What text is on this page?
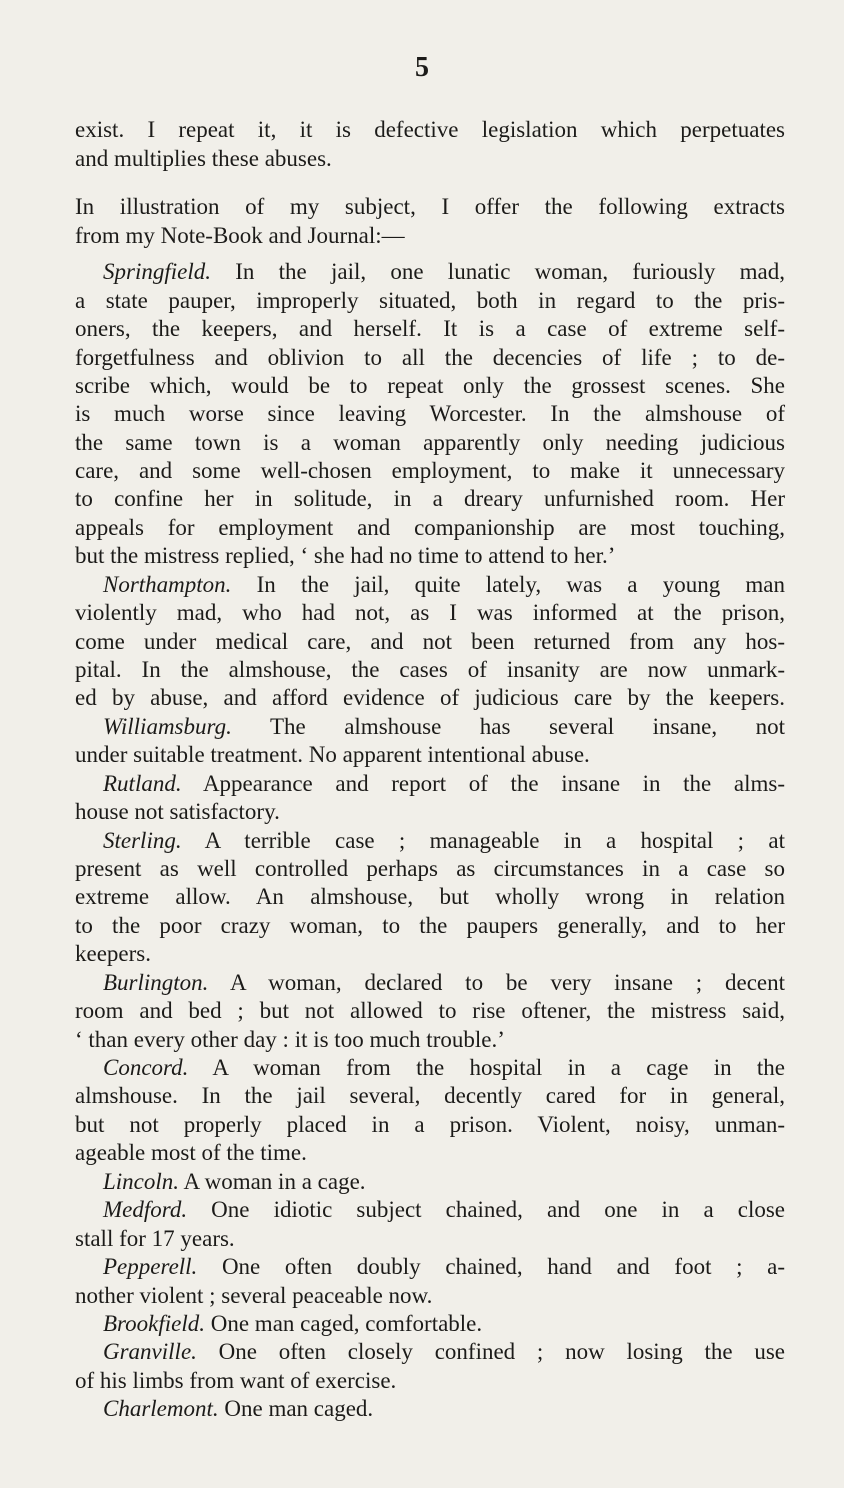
5
exist. I repeat it, it is defective legislation which perpetuates
and multiplies these abuses.
In illustration of my subject, I offer the following extracts
from my Note-Book and Journal:—
Springfield. In the jail, one lunatic woman, furiously mad,
a state pauper, improperly situated, both in regard to the pris-
oners, the keepers, and herself. It is a case of extreme self-
forgetfulness and oblivion to all the decencies of life ; to de-
scribe which, would be to repeat only the grossest scenes. She
is much worse since leaving Worcester. In the almshouse of
the same town is a woman apparently only needing judicious
care, and some well-chosen employment, to make it unnecessary
to confine her in solitude, in a dreary unfurnished room. Her
appeals for employment and companionship are most touching,
but the mistress replied, ‘ she had no time to attend to her.’
Northampton. In the jail, quite lately, was a young man
violently mad, who had not, as I was informed at the prison,
come under medical care, and not been returned from any hos-
pital. In the almshouse, the cases of insanity are now unmark-
ed by abuse, and afford evidence of judicious care by the keepers.
Williamsburg. The almshouse has several insane, not
under suitable treatment. No apparent intentional abuse.
Rutland. Appearance and report of the insane in the alms-
house not satisfactory.
Sterling. A terrible case ; manageable in a hospital ; at
present as well controlled perhaps as circumstances in a case so
extreme allow. An almshouse, but wholly wrong in relation
to the poor crazy woman, to the paupers generally, and to her
keepers.
Burlington. A woman, declared to be very insane ; decent
room and bed ; but not allowed to rise oftener, the mistress said,
‘ than every other day : it is too much trouble.’
Concord. A woman from the hospital in a cage in the
almshouse. In the jail several, decently cared for in general,
but not properly placed in a prison. Violent, noisy, unman-
ageable most of the time.
Lincoln. A woman in a cage.
Medford. One idiotic subject chained, and one in a close
stall for 17 years.
Pepperell. One often doubly chained, hand and foot ; a-
nother violent ; several peaceable now.
Brookfield. One man caged, comfortable.
Granville. One often closely confined ; now losing the use
of his limbs from want of exercise.
Charlemont. One man caged.
